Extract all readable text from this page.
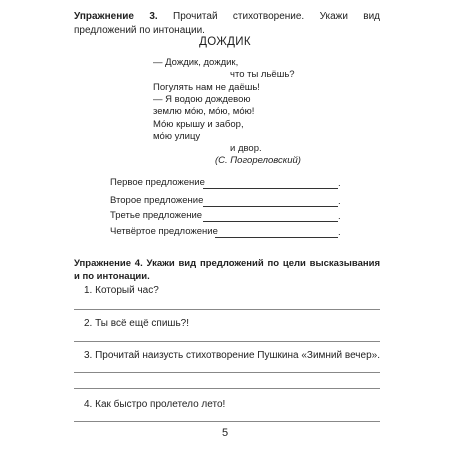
Упражнение 3. Прочитай стихотворение. Укажи вид предложений по интонации.
ДОЖДИК
— Дождик, дождик,
что ты льёшь?
Погулять нам не даёшь!
— Я водою дождевою
землю мо́ю, мо́ю, мо́ю!
Мо́ю крышу и забор,
мо́ю улицу
и двор.
(С. Погореловский)
Первое предложение	.
Второе предложение	.
Третье предложение	.
Четвёртое предложение	.
Упражнение 4. Укажи вид предложений по цели высказывания и по интонации.
1. Который час?
2. Ты всё ещё спишь?!
3. Прочитай наизусть стихотворение Пушкина «Зимний вечер».
4. Как быстро пролетело лето!
5
